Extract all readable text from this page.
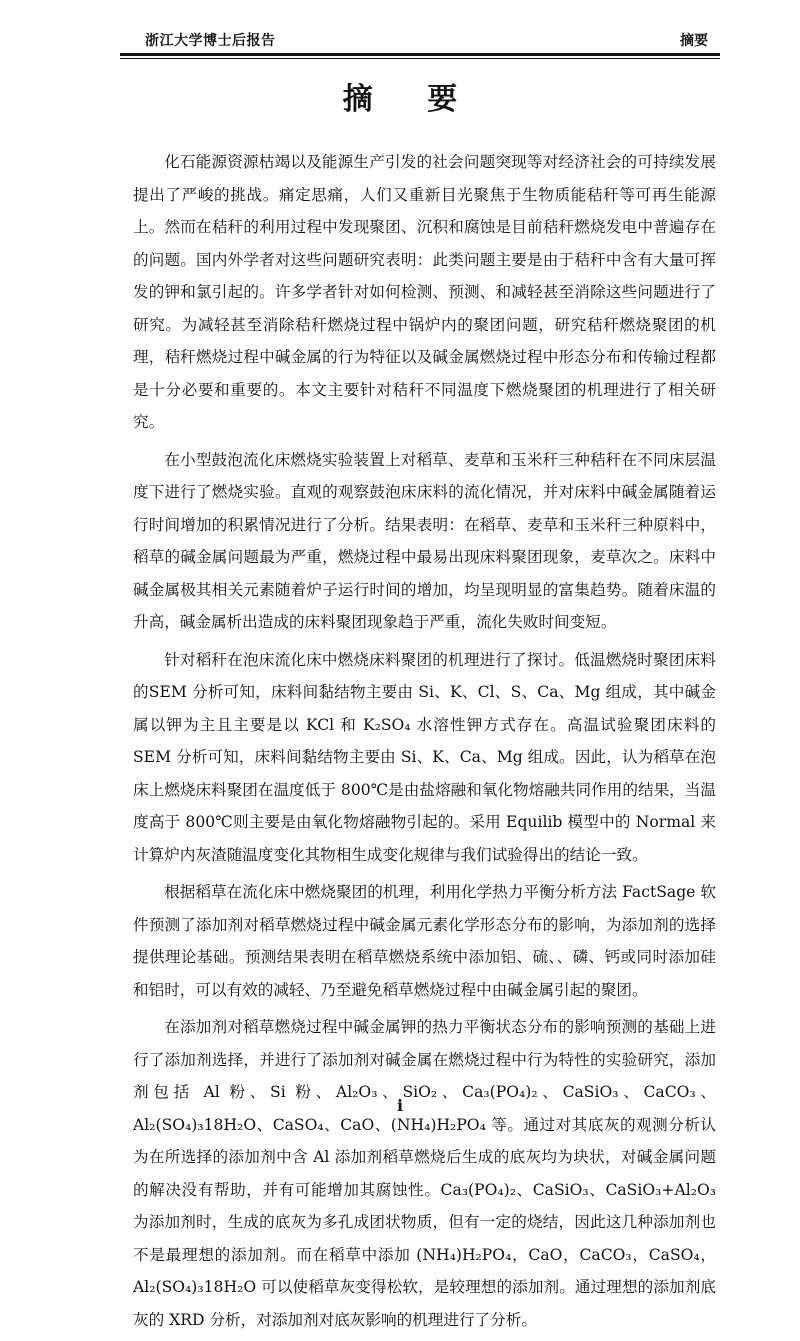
浙江大学博士后报告	摘要
摘 要

化石能源资源枯竭以及能源生产引发的社会问题突现等对经济社会的可持续发展提出了严峻的挑战。痛定思痛，人们又重新目光聚焦于生物质能秸秆等可再生能源上。然而在秸秆的利用过程中发现聚团、沉积和腐蚀是目前秸秆燃烧发电中普遍存在的问题。国内外学者对这些问题研究表明：此类问题主要是由于秸秆中含有大量可挥发的钾和氯引起的。许多学者针对如何检测、预测、和减轻甚至消除这些问题进行了研究。为减轻甚至消除秸秆燃烧过程中锅炉内的聚团问题，研究秸秆燃烧聚团的机理，秸秆燃烧过程中碱金属的行为特征以及碱金属燃烧过程中形态分布和传输过程都是十分必要和重要的。本文主要针对秸秆不同温度下燃烧聚团的机理进行了相关研究。

在小型鼓泡流化床燃烧实验装置上对稻草、麦草和玉米秆三种秸秆在不同床层温度下进行了燃烧实验。直观的观察鼓泡床床料的流化情况，并对床料中碱金属随着运行时间增加的积累情况进行了分析。结果表明：在稻草、麦草和玉米秆三种原料中，稻草的碱金属问题最为严重，燃烧过程中最易出现床料聚团现象，麦草次之。床料中碱金属极其相关元素随着炉子运行时间的增加，均呈现明显的富集趋势。随着床温的升高，碱金属析出造成的床料聚团现象趋于严重，流化失败时间变短。

针对稻秆在泡床流化床中燃烧床料聚团的机理进行了探讨。低温燃烧时聚团床料的SEM 分析可知，床料间黏结物主要由 Si、K、Cl、S、Ca、Mg 组成，其中碱金属以钾为主且主要是以 KCl 和 K₂SO₄ 水溶性钾方式存在。高温试验聚团床料的 SEM 分析可知，床料间黏结物主要由 Si、K、Ca、Mg 组成。因此，认为稻草在泡床上燃烧床料聚团在温度低于 800℃是由盐熔融和氧化物熔融共同作用的结果，当温度高于 800℃则主要是由氧化物熔融物引起的。采用 Equilib 模型中的 Normal 来计算炉内灰渣随温度变化其物相生成变化规律与我们试验得出的结论一致。

根据稻草在流化床中燃烧聚团的机理，利用化学热力平衡分析方法 FactSage 软件预测了添加剂对稻草燃烧过程中碱金属元素化学形态分布的影响，为添加剂的选择提供理论基础。预测结果表明在稻草燃烧系统中添加铝、硫、、磷、钙或同时添加硅和铝时，可以有效的减轻、乃至避免稻草燃烧过程中由碱金属引起的聚团。

在添加剂对稻草燃烧过程中碱金属钾的热力平衡状态分布的影响预测的基础上进行了添加剂选择，并进行了添加剂对碱金属在燃烧过程中行为特性的实验研究，添加剂包括 Al 粉、Si 粉、Al₂O₃、SiO₂、Ca₃(PO₄)₂、CaSiO₃、CaCO₃、Al₂(SO₄)₃18H₂O、CaSO₄、CaO、(NH₄)H₂PO₄ 等。通过对其底灰的观测分析认为在所选择的添加剂中含 Al 添加剂稻草燃烧后生成的底灰均为块状，对碱金属问题的解决没有帮助，并有可能增加其腐蚀性。Ca₃(PO₄)₂、CaSiO₃、CaSiO₃+Al₂O₃ 为添加剂时，生成的底灰为多孔成团状物质，但有一定的烧结，因此这几种添加剂也不是最理想的添加剂。而在稻草中添加 (NH₄)H₂PO₄，CaO，CaCO₃，CaSO₄，Al₂(SO₄)₃18H₂O 可以使稻草灰变得松软，是较理想的添加剂。通过理想的添加剂底灰的 XRD 分析，对添加剂对底灰影响的机理进行了分析。

i
